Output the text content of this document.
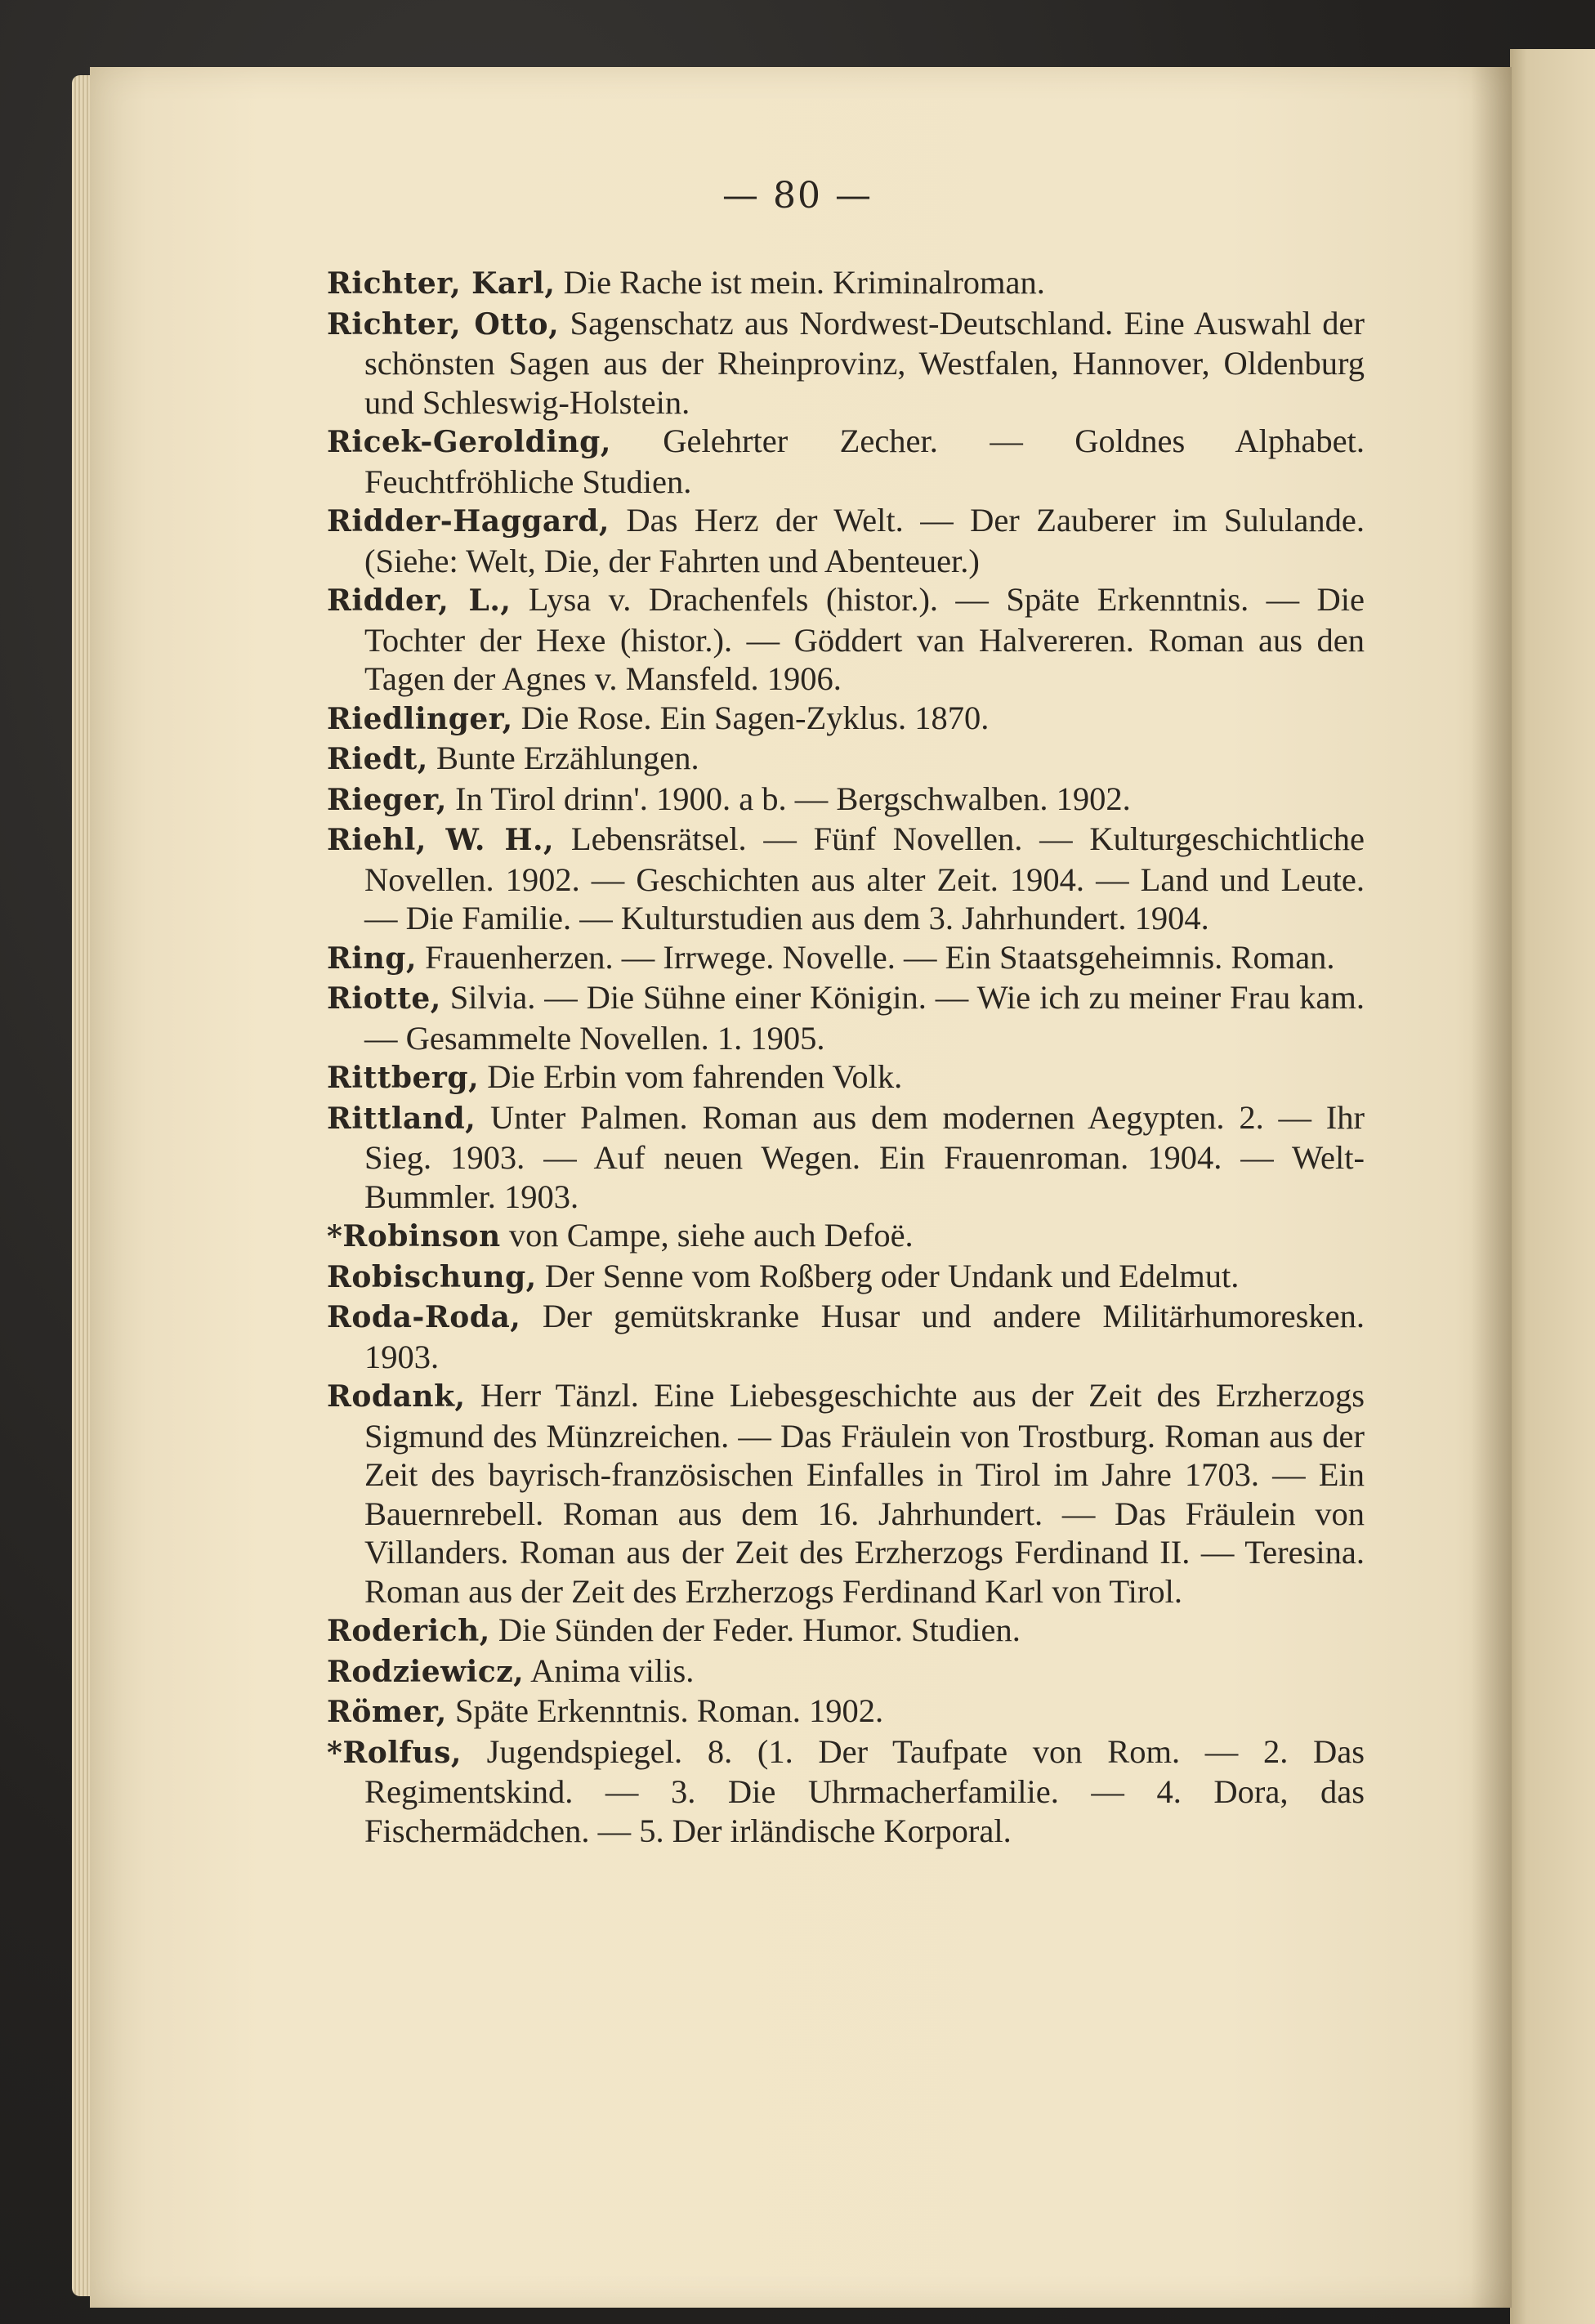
— 80 —

Richter, Karl, Die Rache ist mein. Kriminalroman.

Richter, Otto, Sagenschatz aus Nordwest-Deutschland. Eine Auswahl der schönsten Sagen aus der Rheinprovinz, Westfalen, Hannover, Oldenburg und Schleswig-Holstein.

Ricek-Gerolding, Gelehrter Zecher. — Goldnes Alphabet. Feuchtfröhliche Studien.

Ridder-Haggard, Das Herz der Welt. — Der Zauberer im Sululande. (Siehe: Welt, Die, der Fahrten und Abenteuer.)

Ridder, L., Lysa v. Drachenfels (histor.). — Späte Erkenntnis. — Die Tochter der Hexe (histor.). — Göddert van Halvereren. Roman aus den Tagen der Agnes v. Mansfeld. 1906.

Riedlinger, Die Rose. Ein Sagen-Zyklus. 1870.

Riedt, Bunte Erzählungen.

Rieger, In Tirol drinn'. 1900. a b. — Bergschwalben. 1902.

Riehl, W. H., Lebensrätsel. — Fünf Novellen. — Kulturgeschichtliche Novellen. 1902. — Geschichten aus alter Zeit. 1904. — Land und Leute. — Die Familie. — Kulturstudien aus dem 3. Jahrhundert. 1904.

Ring, Frauenherzen. — Irrwege. Novelle. — Ein Staatsgeheimnis. Roman.

Riotte, Silvia. — Die Sühne einer Königin. — Wie ich zu meiner Frau kam. — Gesammelte Novellen. 1. 1905.

Rittberg, Die Erbin vom fahrenden Volk.

Rittland, Unter Palmen. Roman aus dem modernen Aegypten. 2. — Ihr Sieg. 1903. — Auf neuen Wegen. Ein Frauenroman. 1904. — Welt-Bummler. 1903.

*Robinson von Campe, siehe auch Defoë.

Robischung, Der Senne vom Roßberg oder Undank und Edelmut.

Roda-Roda, Der gemütskranke Husar und andere Militärhumoresken. 1903.

Rodank, Herr Tänzl. Eine Liebesgeschichte aus der Zeit des Erzherzogs Sigmund des Münzreichen. — Das Fräulein von Trostburg. Roman aus der Zeit des bayrisch-französischen Einfalles in Tirol im Jahre 1703. — Ein Bauernrebell. Roman aus dem 16. Jahrhundert. — Das Fräulein von Villanders. Roman aus der Zeit des Erzherzogs Ferdinand II. — Teresina. Roman aus der Zeit des Erzherzogs Ferdinand Karl von Tirol.

Roderich, Die Sünden der Feder. Humor. Studien.

Rodziewicz, Anima vilis.

Römer, Späte Erkenntnis. Roman. 1902.

*Rolfus, Jugendspiegel. 8. (1. Der Taufpate von Rom. — 2. Das Regimentskind. — 3. Die Uhrmacherfamilie. — 4. Dora, das Fischermädchen. — 5. Der irländische Korporal.
